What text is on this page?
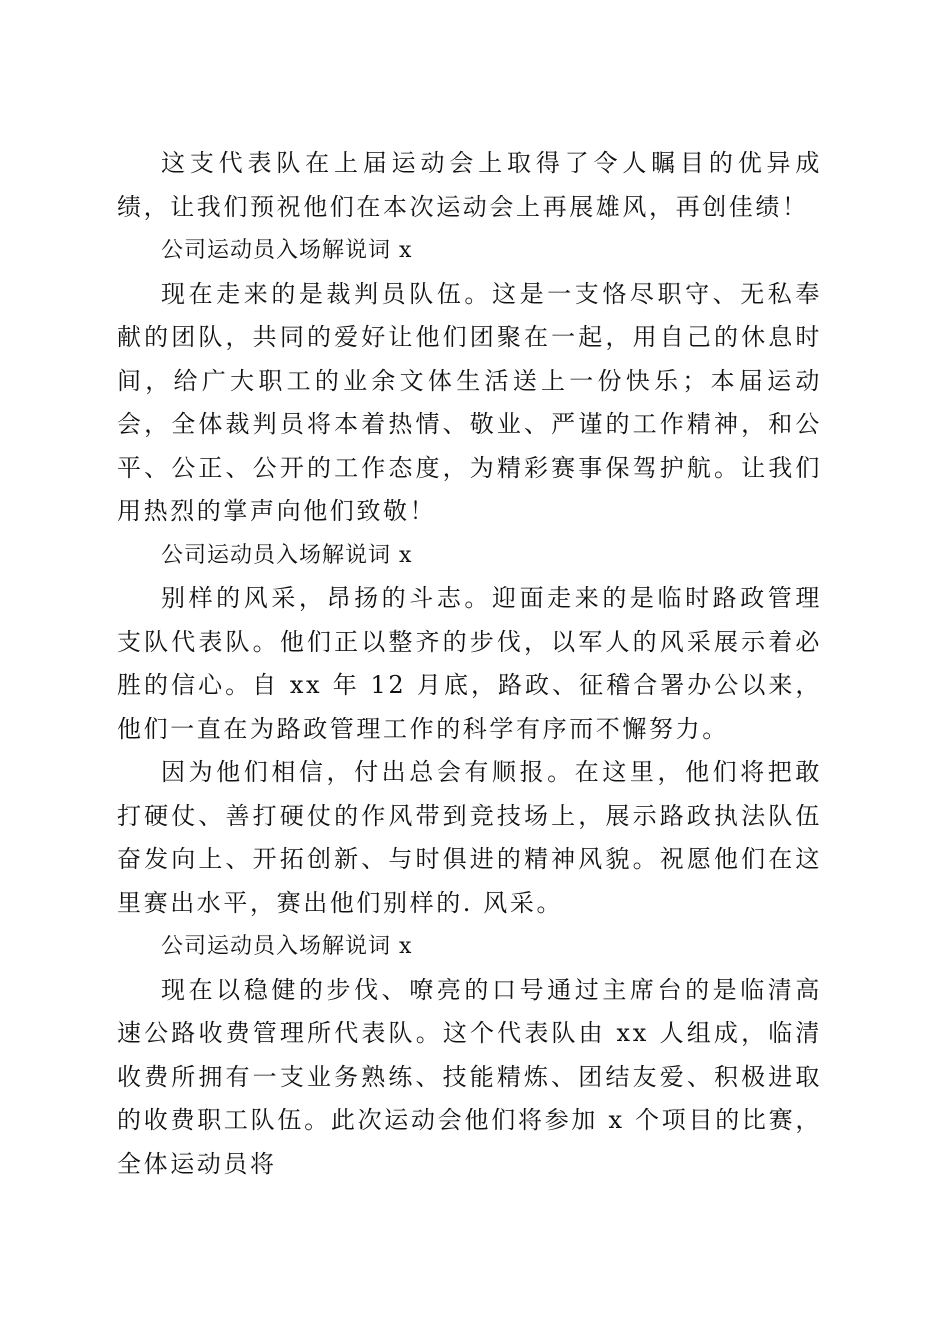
这支代表队在上届运动会上取得了令人瞩目的优异成绩，让我们预祝他们在本次运动会上再展雄风，再创佳绩！

公司运动员入场解说词 x

现在走来的是裁判员队伍。这是一支恪尽职守、无私奉献的团队，共同的爱好让他们团聚在一起，用自己的休息时间，给广大职工的业余文体生活送上一份快乐；本届运动会，全体裁判员将本着热情、敬业、严谨的工作精神，和公平、公正、公开的工作态度，为精彩赛事保驾护航。让我们用热烈的掌声向他们致敬！

公司运动员入场解说词 x

别样的风采，昂扬的斗志。迎面走来的是临时路政管理支队代表队。他们正以整齐的步伐，以军人的风采展示着必胜的信心。自 xx 年 12 月底，路政、征稽合署办公以来，他们一直在为路政管理工作的科学有序而不懈努力。

因为他们相信，付出总会有顺报。在这里，他们将把敢打硬仗、善打硬仗的作风带到竞技场上，展示路政执法队伍奋发向上、开拓创新、与时俱进的精神风貌。祝愿他们在这里赛出水平，赛出他们别样的. 风采。

公司运动员入场解说词 x

现在以稳健的步伐、嘹亮的口号通过主席台的是临清高速公路收费管理所代表队。这个代表队由 xx 人组成，临清收费所拥有一支业务熟练、技能精炼、团结友爱、积极进取的收费职工队伍。此次运动会他们将参加 x 个项目的比赛，全体运动员将
